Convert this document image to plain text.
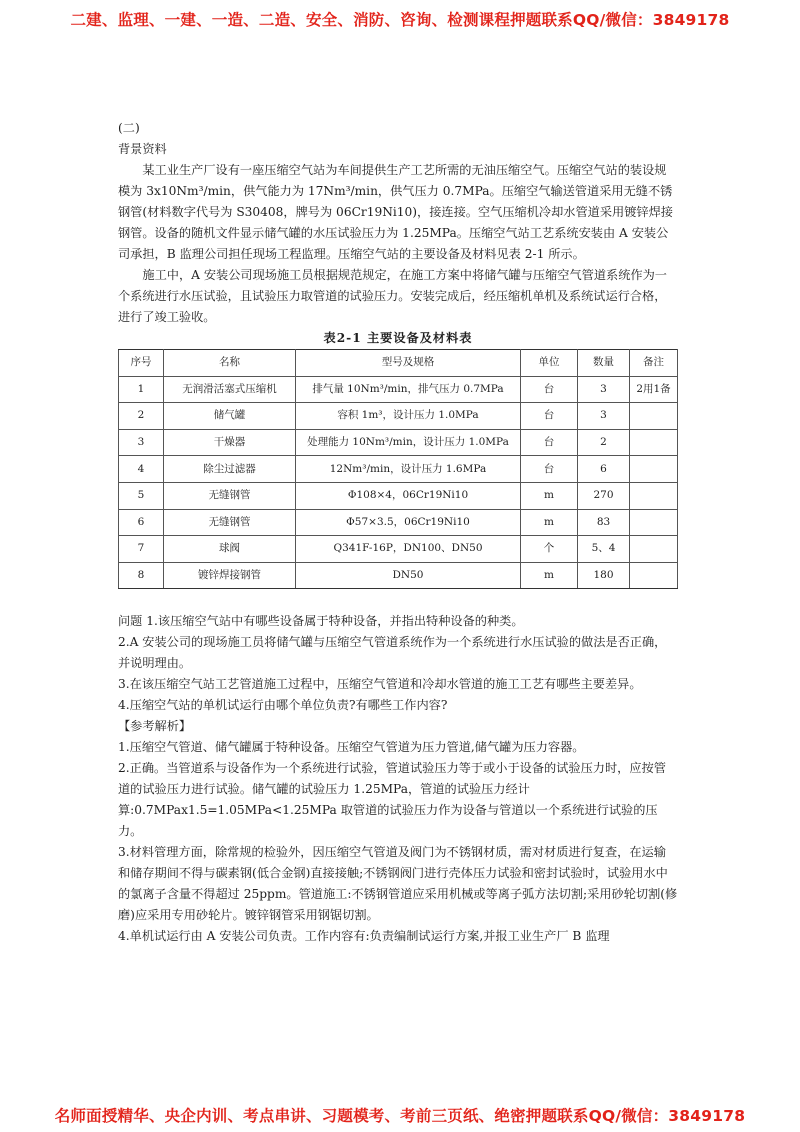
二建、监理、一建、一造、二造、安全、消防、咨询、检测课程押题联系QQ/微信：3849178

(二)

背景资料

某工业生产厂设有一座压缩空气站为车间提供生产工艺所需的无油压缩空气。压缩空气站的装设规模为 3x10Nm³/min，供气能力为 17Nm³/min，供气压力 0.7MPa。压缩空气输送管道采用无缝不锈钢管(材料数字代号为 S30408，牌号为 06Cr19Ni10)，接连接。空气压缩机冷却水管道采用镀锌焊接钢管。设备的随机文件显示储气罐的水压试验压力为 1.25MPa。压缩空气站工艺系统安装由 A 安装公司承担，B 监理公司担任现场工程监理。压缩空气站的主要设备及材料见表 2-1 所示。

施工中，A 安装公司现场施工员根据规范规定，在施工方案中将储气罐与压缩空气管道系统作为一个系统进行水压试验，且试验压力取管道的试验压力。安装完成后，经压缩机单机及系统试运行合格，进行了竣工验收。

表2-1 主要设备及材料表

序号	名称	型号及规格	单位	数量	备注
1	无润滑活塞式压缩机	排气量 10Nm³/min，排气压力 0.7MPa	台	3	2用1备
2	储气罐	容积 1m³，设计压力 1.0MPa	台	3	
3	干燥器	处理能力 10Nm³/min，设计压力 1.0MPa	台	2	
4	除尘过滤器	12Nm³/min，设计压力 1.6MPa	台	6	
5	无缝钢管	Φ108×4，06Cr19Ni10	m	270	
6	无缝钢管	Φ57×3.5，06Cr19Ni10	m	83	
7	球阀	Q341F-16P，DN100、DN50	个	5、4	
8	镀锌焊接钢管	DN50	m	180	

问题 1.该压缩空气站中有哪些设备属于特种设备，并指出特种设备的种类。

2.A 安装公司的现场施工员将储气罐与压缩空气管道系统作为一个系统进行水压试验的做法是否正确，并说明理由。

3.在该压缩空气站工艺管道施工过程中，压缩空气管道和冷却水管道的施工工艺有哪些主要差异。

4.压缩空气站的单机试运行由哪个单位负责?有哪些工作内容?

【参考解析】

1.压缩空气管道、储气罐属于特种设备。压缩空气管道为压力管道,储气罐为压力容器。

2.正确。当管道系与设备作为一个系统进行试验，管道试验压力等于或小于设备的试验压力时，应按管道的试验压力进行试验。储气罐的试验压力 1.25MPa，管道的试验压力经计算:0.7MPax1.5=1.05MPa<1.25MPa 取管道的试验压力作为设备与管道以一个系统进行试验的压力。

3.材料管理方面，除常规的检验外，因压缩空气管道及阀门为不锈钢材质，需对材质进行复查，在运输和储存期间不得与碳素钢(低合金钢)直接接触;不锈钢阀门进行壳体压力试验和密封试验时，试验用水中的氯离子含量不得超过 25ppm。管道施工:不锈钢管道应采用机械或等离子弧方法切割;采用砂轮切割(修磨)应采用专用砂轮片。镀锌钢管采用钢锯切割。

4.单机试运行由 A 安装公司负责。工作内容有:负责编制试运行方案,并报工业生产厂 B 监理

名师面授精华、央企内训、考点串讲、习题模考、考前三页纸、绝密押题联系QQ/微信：3849178
